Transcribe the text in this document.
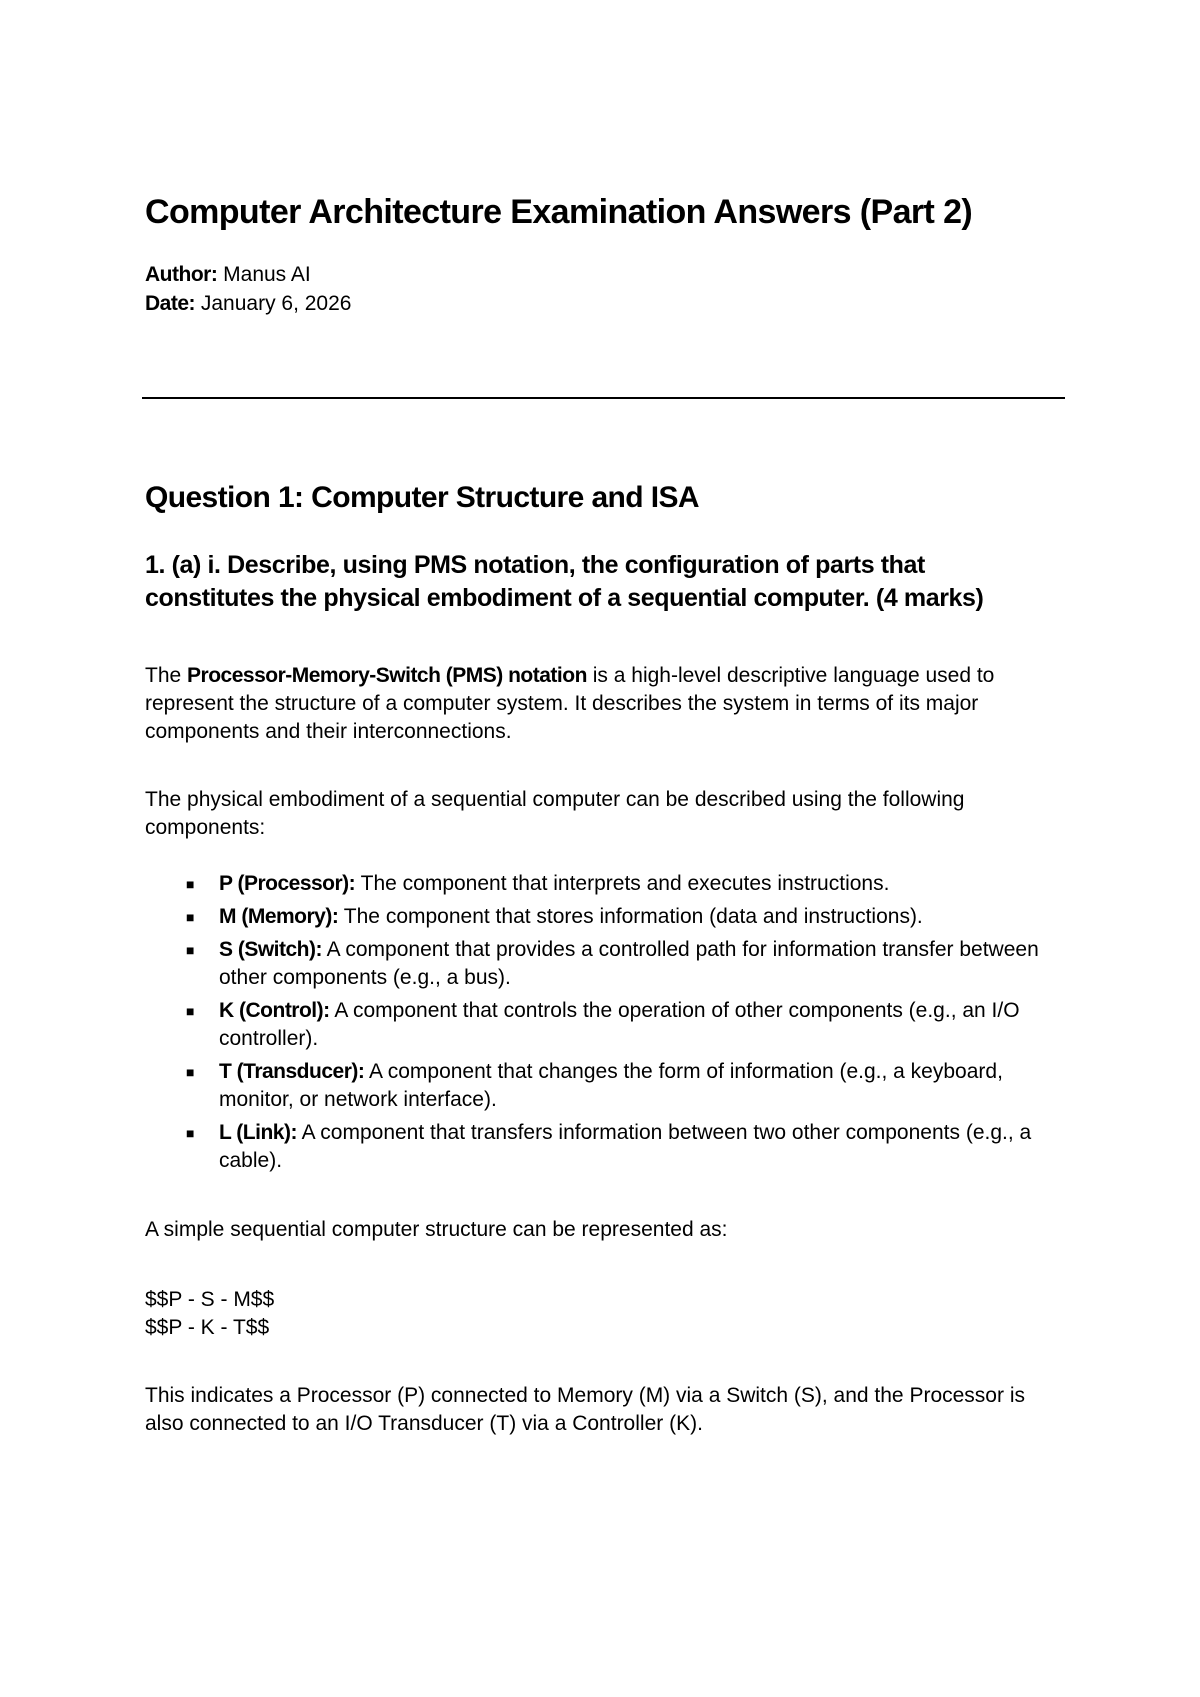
Computer Architecture Examination Answers (Part 2)
Author: Manus AI
Date: January 6, 2026
Question 1: Computer Structure and ISA
1. (a) i. Describe, using PMS notation, the configuration of parts that constitutes the physical embodiment of a sequential computer. (4 marks)

The Processor-Memory-Switch (PMS) notation is a high-level descriptive language used to represent the structure of a computer system. It describes the system in terms of its major components and their interconnections.

The physical embodiment of a sequential computer can be described using the following components:

■ P (Processor): The component that interprets and executes instructions.
■ M (Memory): The component that stores information (data and instructions).
■ S (Switch): A component that provides a controlled path for information transfer between other components (e.g., a bus).
■ K (Control): A component that controls the operation of other components (e.g., an I/O controller).
■ T (Transducer): A component that changes the form of information (e.g., a keyboard, monitor, or network interface).
■ L (Link): A component that transfers information between two other components (e.g., a cable).

A simple sequential computer structure can be represented as:

$$P - S - M$$
$$P - K - T$$

This indicates a Processor (P) connected to Memory (M) via a Switch (S), and the Processor is also connected to an I/O Transducer (T) via a Controller (K).
